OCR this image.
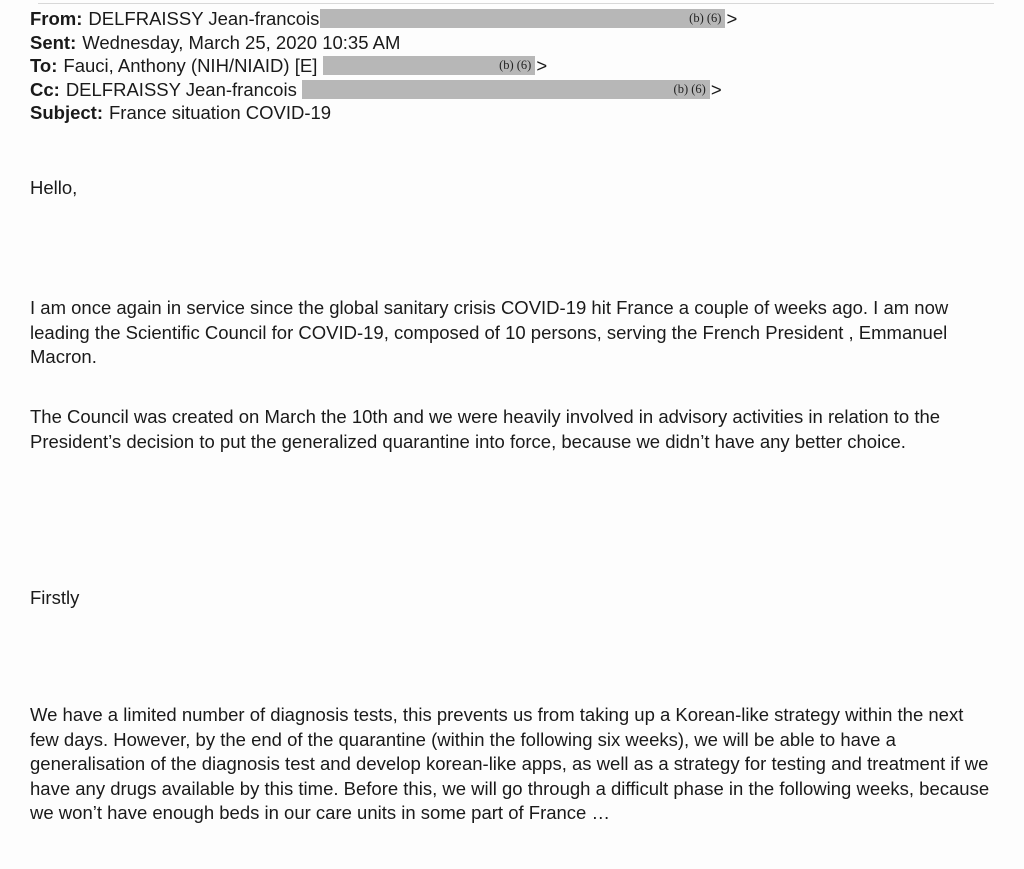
From: DELFRAISSY Jean-francois	(b) (6) >
Sent: Wednesday, March 25, 2020 10:35 AM
To: Fauci, Anthony (NIH/NIAID) [E]	(b) (6) >
Cc: DELFRAISSY Jean-francois	(b) (6) >
Subject: France situation COVID-19

Hello,

I am once again in service since the global sanitary crisis COVID-19 hit France a couple of weeks ago. I am now leading the Scientific Council for COVID-19, composed of 10 persons, serving the French President , Emmanuel Macron.

The Council was created on March the 10th and we were heavily involved in advisory activities in relation to the President’s decision to put the generalized quarantine into force, because we didn’t have any better choice.

Firstly

We have a limited number of diagnosis tests, this prevents us from taking up a Korean-like strategy within the next few days. However, by the end of the quarantine (within the following six weeks), we will be able to have a generalisation of the diagnosis test and develop korean-like apps, as well as a strategy for testing and treatment if we have any drugs available by this time. Before this, we will go through a difficult phase in the following weeks, because we won’t have enough beds in our care units in some part of France …
